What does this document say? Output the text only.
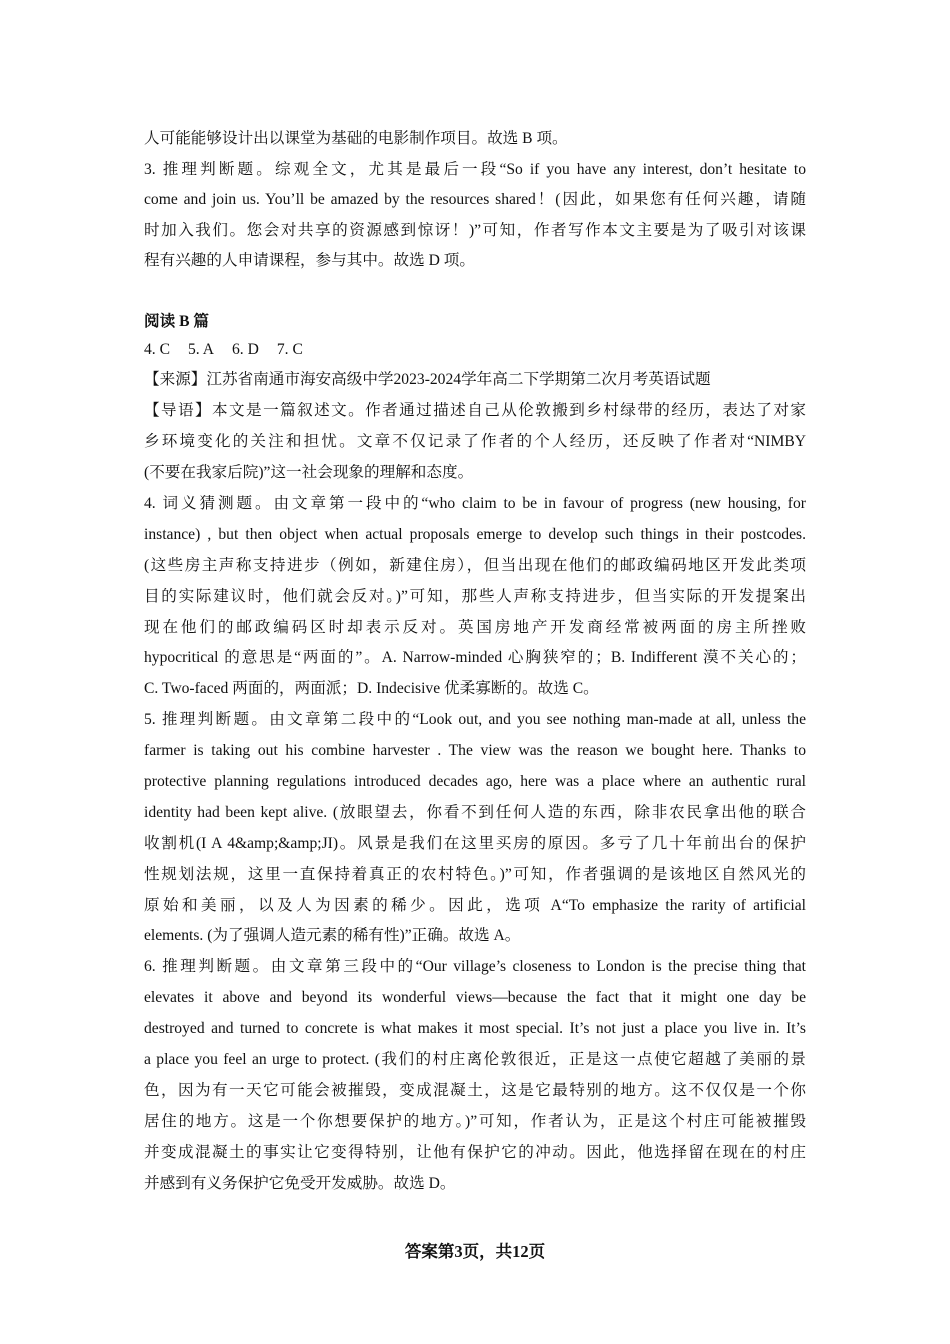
人可能能够设计出以课堂为基础的电影制作项目。故选 B 项。
3. 推理判断题。综观全文，尤其是最后一段“So if you have any interest, don’t hesitate to
come and join us. You’ll be amazed by the resources shared！(因此，如果您有任何兴趣，请随
时加入我们。您会对共享的资源感到惊讶！)”可知，作者写作本文主要是为了吸引对该课
程有兴趣的人申请课程，参与其中。故选 D 项。
阅读 B 篇
4. C 5. A 6. D 7. C
【来源】江苏省南通市海安高级中学2023-2024学年高二下学期第二次月考英语试题
【导语】本文是一篇叙述文。作者通过描述自己从伦敦搬到乡村绿带的经历，表达了对家
乡环境变化的关注和担忧。文章不仅记录了作者的个人经历，还反映了作者对“NIMBY
(不要在我家后院)”这一社会现象的理解和态度。
4. 词义猜测题。由文章第一段中的“who claim to be in favour of progress (new housing, for
instance) , but then object when actual proposals emerge to develop such things in their postcodes.
(这些房主声称支持进步（例如，新建住房），但当出现在他们的邮政编码地区开发此类项
目的实际建议时，他们就会反对。)”可知，那些人声称支持进步，但当实际的开发提案出
现在他们的邮政编码区时却表示反对。英国房地产开发商经常被两面的房主所挫败
hypocritical 的意思是“两面的”。A. Narrow-minded 心胸狭窄的；B. Indifferent 漠不关心的；
C. Two-faced 两面的，两面派；D. Indecisive 优柔寡断的。故选 C。
5. 推理判断题。由文章第二段中的“Look out, and you see nothing man-made at all, unless the
farmer is taking out his combine harvester . The view was the reason we bought here. Thanks to
protective planning regulations introduced decades ago, here was a place where an authentic rural
identity had been kept alive. (放眼望去，你看不到任何人造的东西，除非农民拿出他的联合
收割机(I A 4&amp;&amp;JI)。风景是我们在这里买房的原因。多亏了几十年前出台的保护
性规划法规，这里一直保持着真正的农村特色。)”可知，作者强调的是该地区自然风光的
原始和美丽，以及人为因素的稀少。因此，选项 A“To emphasize the rarity of artificial
elements. (为了强调人造元素的稀有性)”正确。故选 A。
6. 推理判断题。由文章第三段中的“Our village’s closeness to London is the precise thing that
elevates it above and beyond its wonderful views—because the fact that it might one day be
destroyed and turned to concrete is what makes it most special. It’s not just a place you live in. It’s
a place you feel an urge to protect. (我们的村庄离伦敦很近，正是这一点使它超越了美丽的景
色，因为有一天它可能会被摧毁，变成混凝土，这是它最特别的地方。这不仅仅是一个你
居住的地方。这是一个你想要保护的地方。)”可知，作者认为，正是这个村庄可能被摧毁
并变成混凝土的事实让它变得特别，让他有保护它的冲动。因此，他选择留在现在的村庄
并感到有义务保护它免受开发威胁。故选 D。
答案第3页，共12页
